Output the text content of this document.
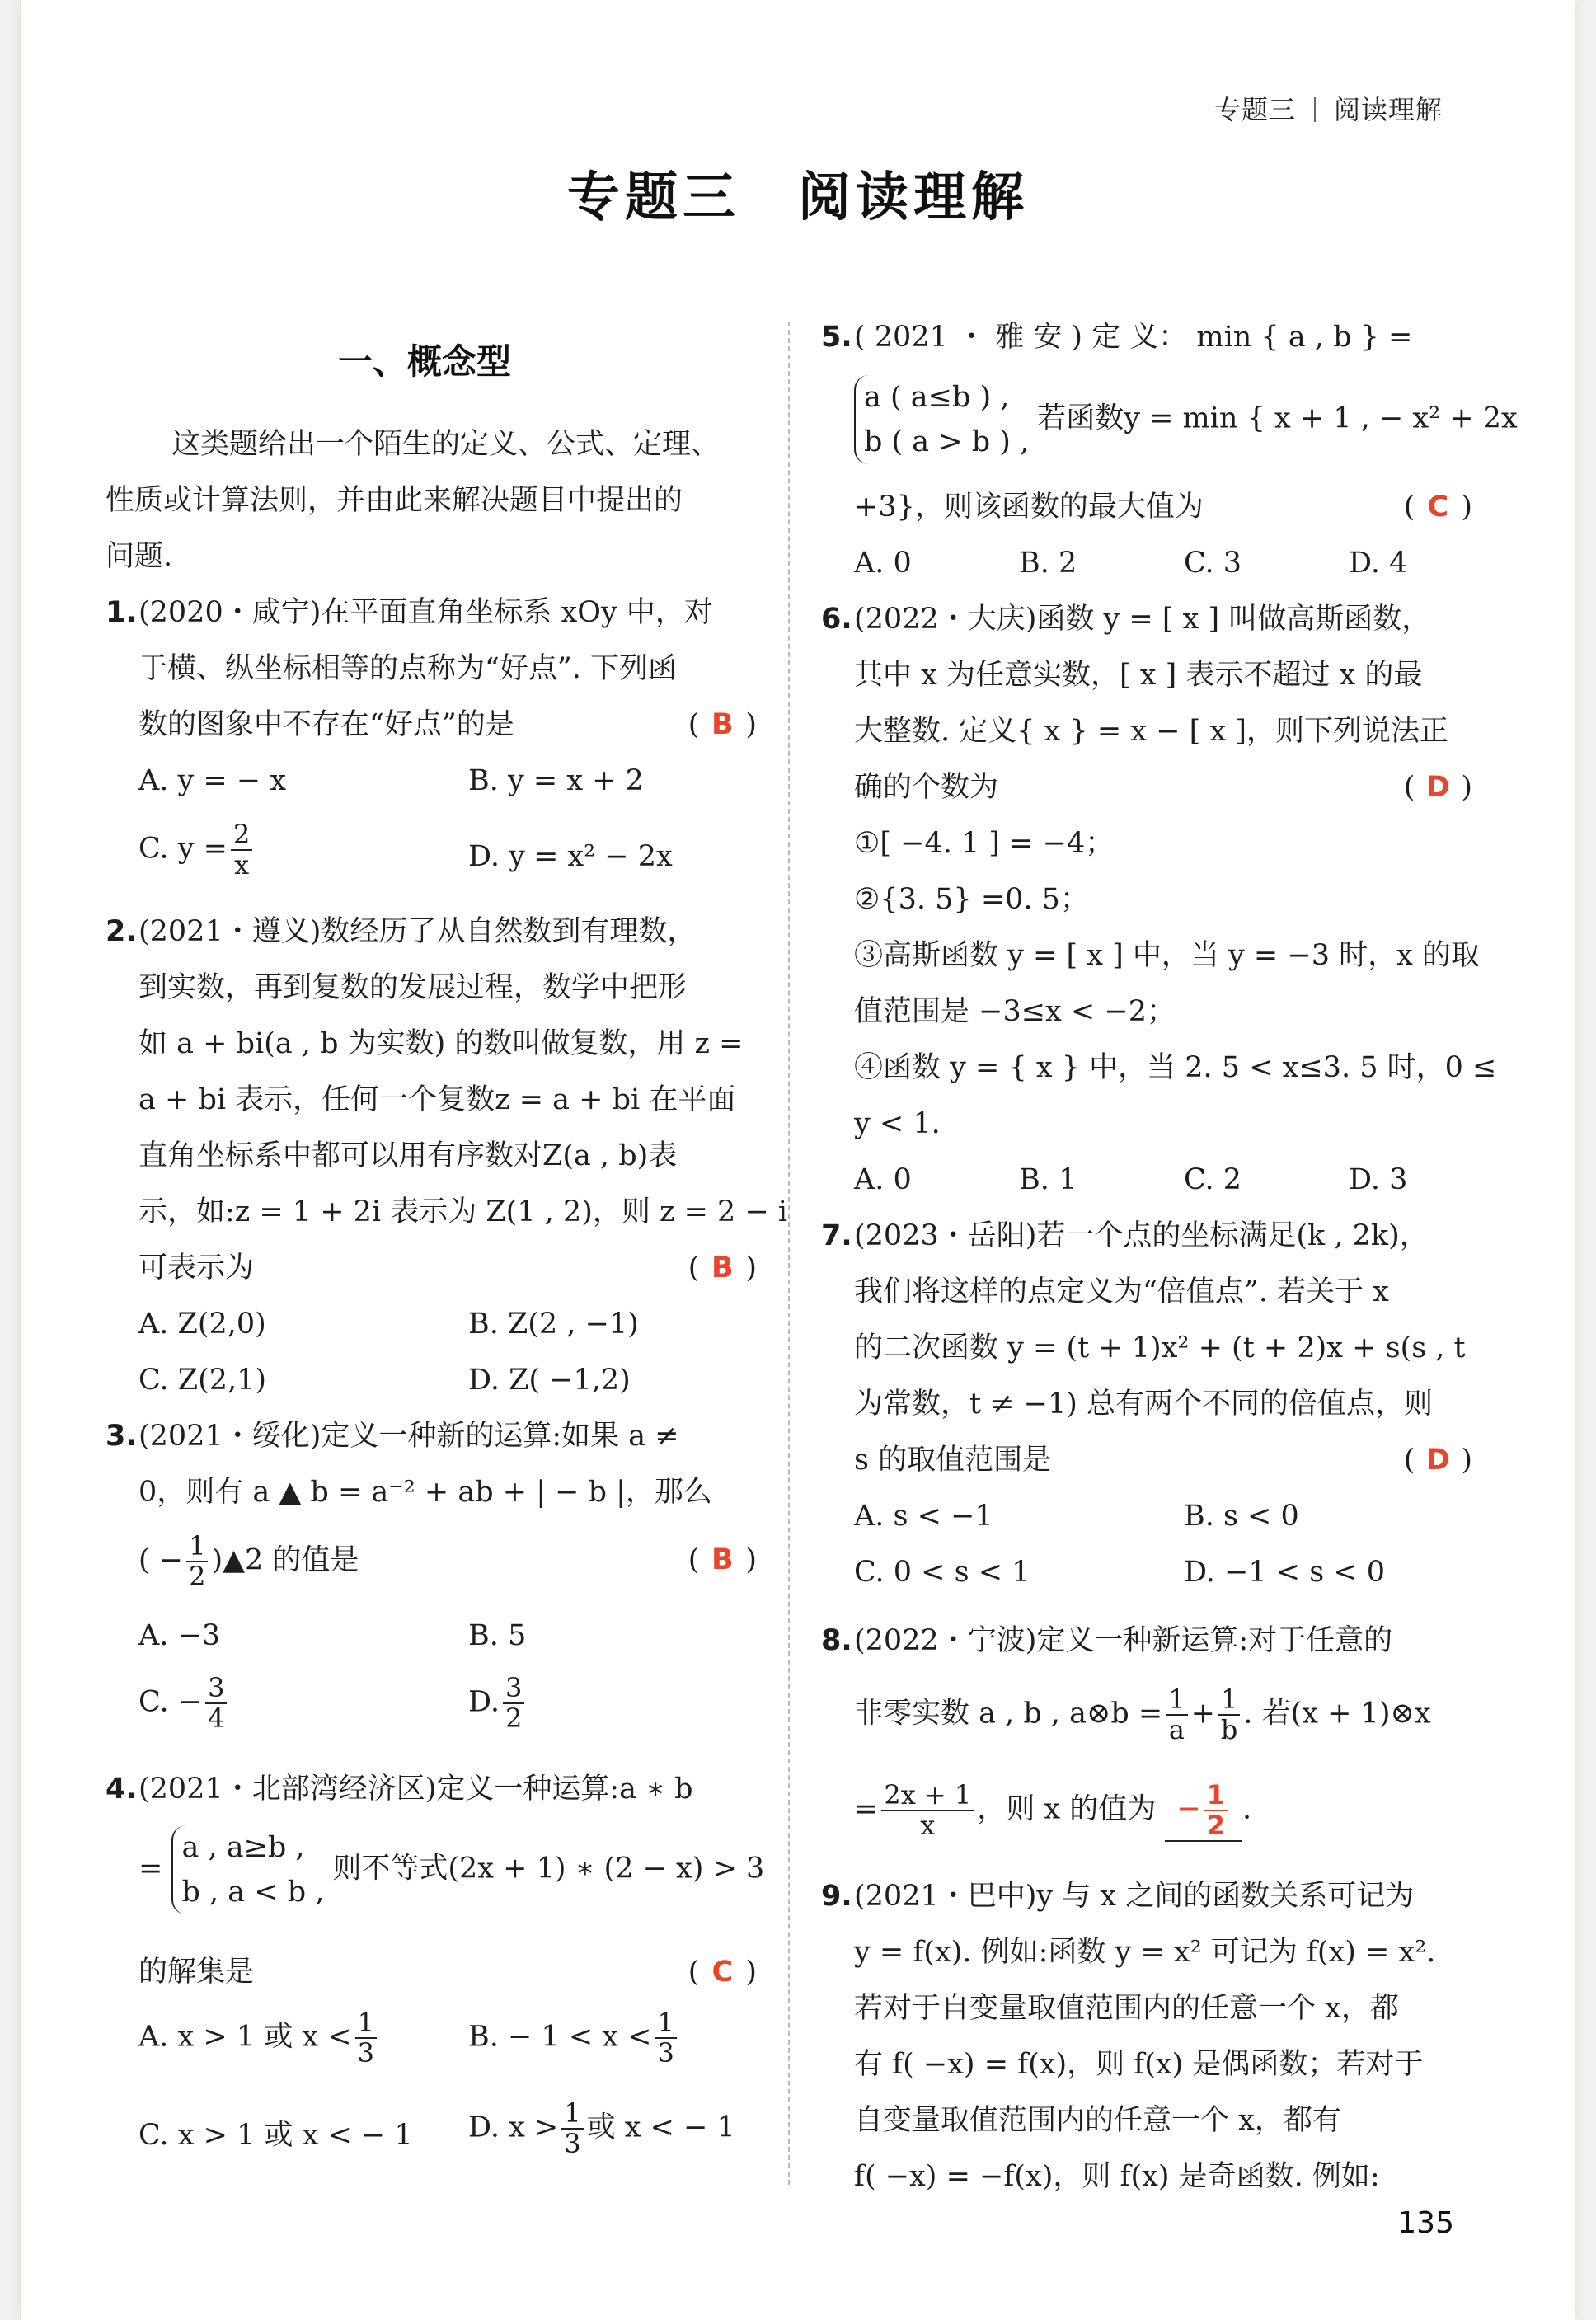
专题三 阅读理解
专题三 阅读理解
一、概念型
这类题给出一个陌生的定义、公式、定理、
性质或计算法则，并由此来解决题目中提出的
问题.
1. (2020・咸宁)在平面直角坐标系 xOy 中，对
于横、纵坐标相等的点称为“好点”. 下列函
数的图象中不存在“好点”的是	( B )
A. y = − x	B. y = x + 2
C. $y = \frac{2}{x}$	D. y = x² − 2x
2. (2021・遵义)数经历了从自然数到有理数，
到实数，再到复数的发展过程，数学中把形
如 a + bi(a , b 为实数) 的数叫做复数，用 z =
a + bi 表示，任何一个复数z = a + bi 在平面
直角坐标系中都可以用有序数对Z(a , b)表
示，如:z = 1 + 2i 表示为 Z(1 , 2)，则 z = 2 − i
可表示为	( B )
A. Z(2,0)	B. Z(2 , −1)
C. Z(2,1)	D. Z( −1,2)
3. (2021・绥化)定义一种新的运算:如果 a ≠
0，则有 a ▲ b = a⁻² + ab + | − b |，那么
( − $\frac{1}{2}$ )▲2 的值是	( B )
A. −3	B. 5
C. − $\frac{3}{4}$	D. $\frac{3}{2}$
4. (2021・北部湾经济区)定义一种运算:a ∗ b
=
a , a≥b ,
b , a < b ,
则不等式(2x + 1) ∗ (2 − x) > 3
的解集是	( C )
A. x > 1 或 $x < \frac{1}{3}$	B. − $1 < x < \frac{1}{3}$
C. x > 1 或 x < − 1 D. $x > \frac{1}{3}$ 或 x < − 1
5. ( 2021 ・ 雅 安 ) 定 义： min { a , b } =
a ( a≤b ) ,
b ( a > b ) ,
若函数y = min { x + 1 , − x² + 2x
+3}，则该函数的最大值为	( C )
A. 0	B. 2	C. 3	D. 4
6. (2022・大庆)函数 y = [ x ] 叫做高斯函数，
其中 x 为任意实数，[ x ] 表示不超过 x 的最
大整数. 定义{ x } = x − [ x ]，则下列说法正
确的个数为	( D )
①[ −4. 1 ] = −4；
②{3. 5} =0. 5；
③高斯函数 y = [ x ] 中，当 y = −3 时，x 的取
值范围是 −3≤x < −2；
④函数 y = { x } 中，当 2. 5 < x≤3. 5 时，0 ≤
y < 1.
A. 0	B. 1	C. 2	D. 3
7. (2023・岳阳)若一个点的坐标满足(k , 2k)，
我们将这样的点定义为“倍值点”. 若关于 x
的二次函数 y = (t + 1)x² + (t + 2)x + s(s , t
为常数，t ≠ −1) 总有两个不同的倍值点，则
s 的取值范围是	( D )
A. s < −1	B. s < 0
C. 0 < s < 1	D. −1 < s < 0
8. (2022・宁波)定义一种新运算:对于任意的
非零实数 a , b , a⊗b = $\frac{1}{a} + \frac{1}{b}$ . 若(x + 1)⊗x
= $\frac{2x + 1}{x}$ ，则 x 的值为 − $\frac{1}{2}$ .
9. (2021・巴中)y 与 x 之间的函数关系可记为
y = f(x). 例如:函数 y = x² 可记为 f(x) = x².
若对于自变量取值范围内的任意一个 x，都
有 f( −x) = f(x)，则 f(x) 是偶函数；若对于
自变量取值范围内的任意一个 x，都有
f( −x) = −f(x)，则 f(x) 是奇函数. 例如:
135
